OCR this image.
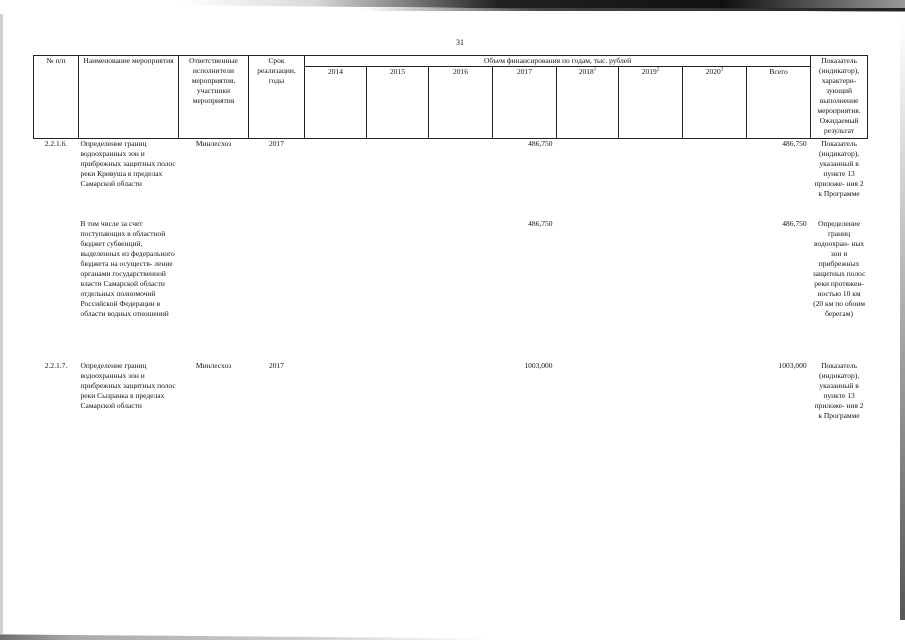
31
№ п/п	Наименование мероприятия	Ответственные исполнители мероприятия, участники мероприятия	Срок реализации, годы	Объем финансирования по годам, тыс. рублей								Показатель (индикатор), характери- зующий выполнение мероприятия. Ожидаемый результат
				2014	2015	2016	2017	2018$^1$	2019$^2$	2020$^3$	Всего	
2.2.1.6.	Определение границ водоохранных зон и прибрежных защитных полос реки Кривуша в пределах Самарской области	Минлесхоз	2017				486,750				486,750	Показатель (индикатор), указанный в пункте 13 приложе- ния 2 к Программе
	В том числе за счет поступающих в областной бюджет субвенций, выделенных из федерального бюджета на осуществ- ление органами государственной власти Самарской области отдельных полномочий Российской Федерации в области водных отношений						486,750				486,750	Определение границ водоохран- ных зон и прибрежных защитных полос реки протяжен- ностью 10 км (20 км по обоим берегам)
2.2.1.7.	Определение границ водоохранных зон и прибрежных защитных полос реки Сызранка в пределах Самарской области	Минлесхоз	2017				1003,000				1003,000	Показатель (индикатор), указанный в пункте 13 приложе- ния 2 к Программе
